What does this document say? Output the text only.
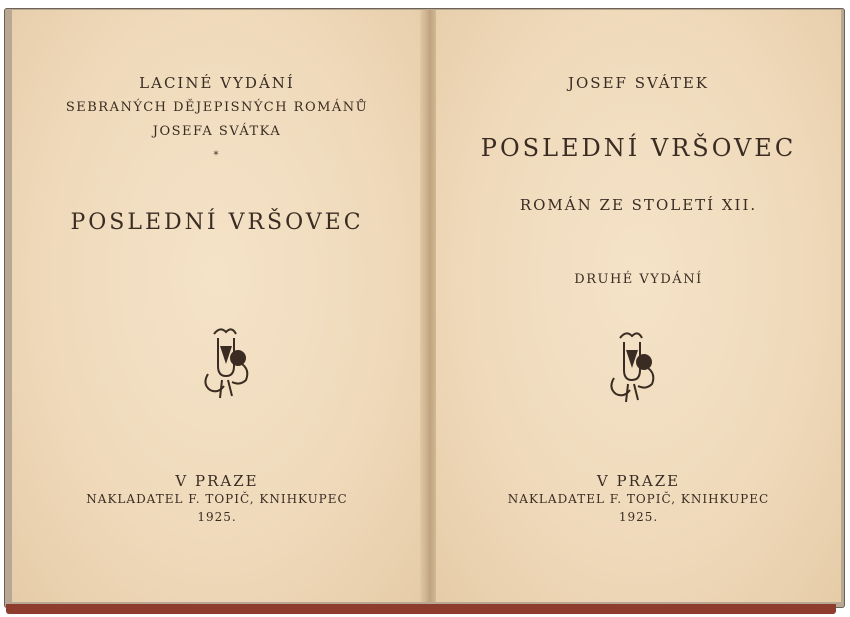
LACINÉ VYDÁNÍ
SEBRANÝCH DĚJEPISNÝCH ROMÁNŮ
JOSEFA SVÁTKA
*
POSLEDNÍ VRŠOVEC
V PRAZE
NAKLADATEL F. TOPIČ, KNIHKUPEC
1925.
JOSEF SVÁTEK
POSLEDNÍ VRŠOVEC
ROMÁN ZE STOLETÍ XII.
DRUHÉ VYDÁNÍ
V PRAZE
NAKLADATEL F. TOPIČ, KNIHKUPEC
1925.
